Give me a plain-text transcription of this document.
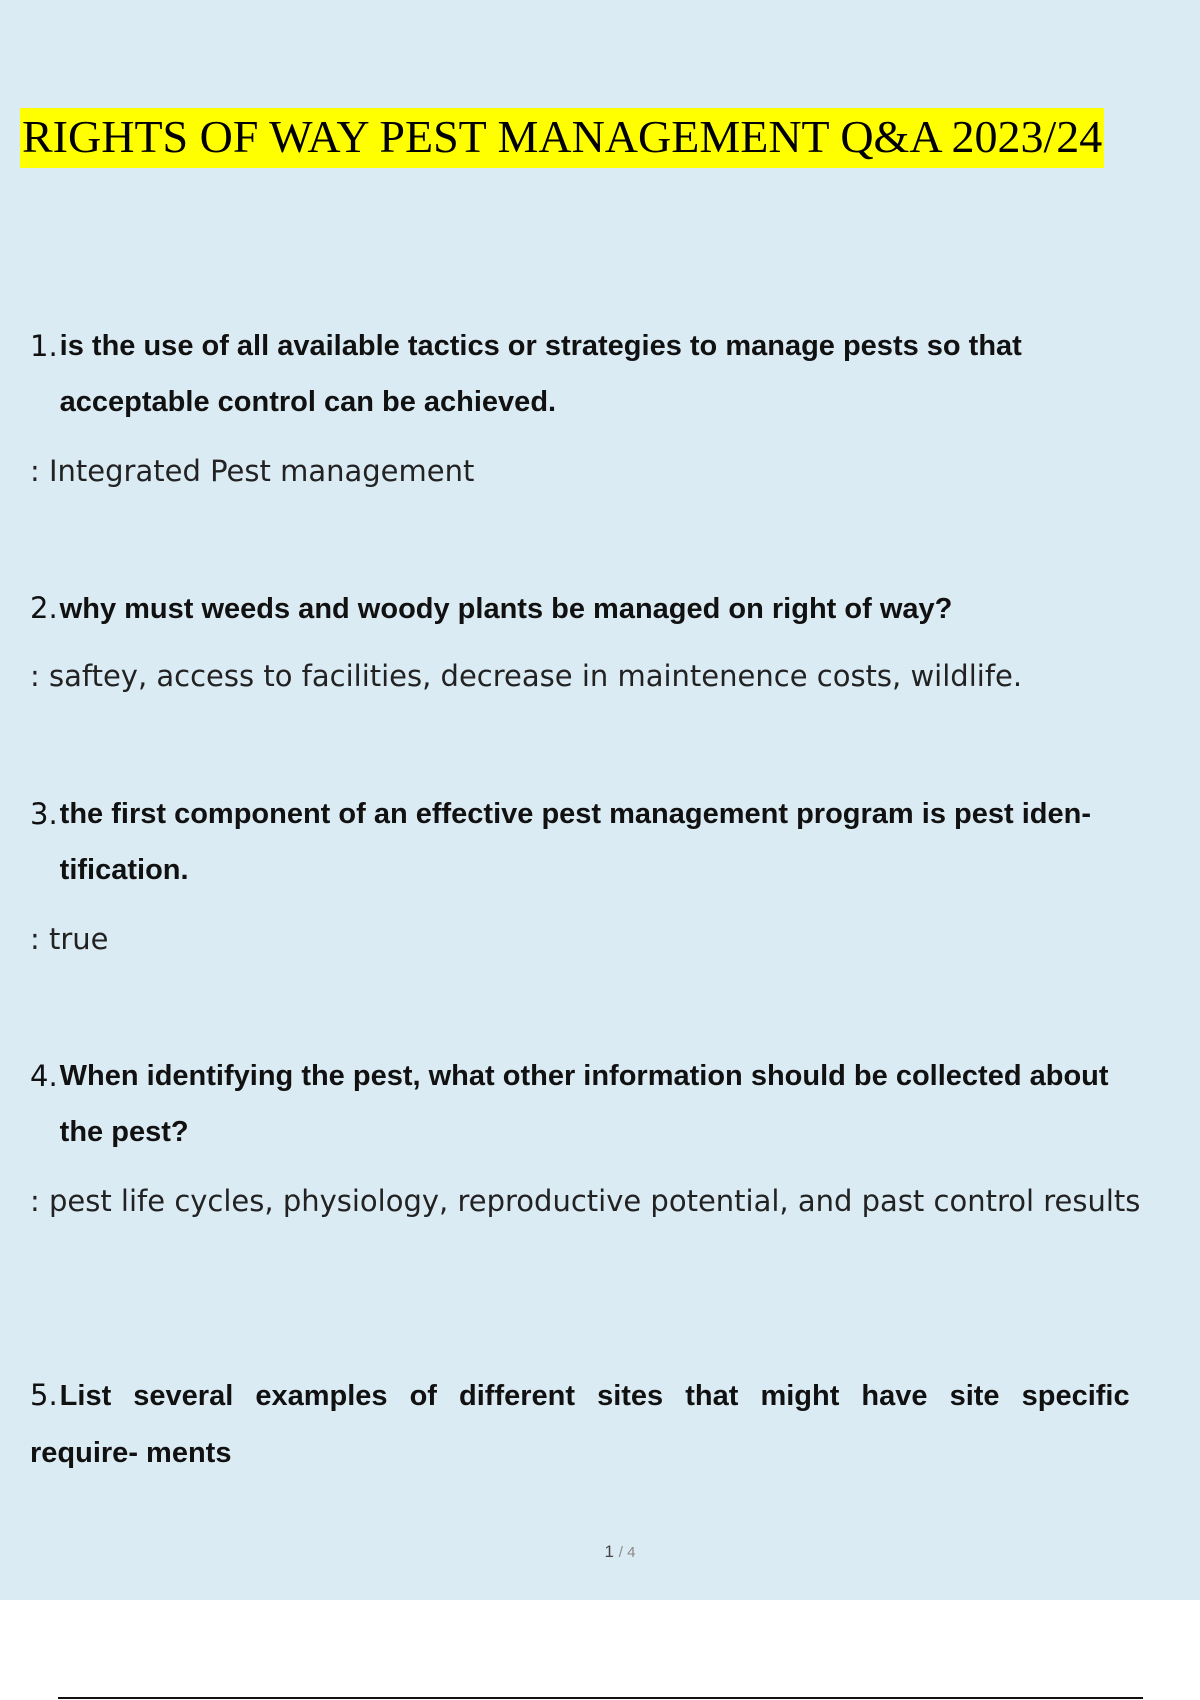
RIGHTS OF WAY PEST MANAGEMENT Q&A 2023/24

1.is the use of all available tactics or strategies to manage pests so that acceptable control can be achieved.

: Integrated Pest management

2.why must weeds and woody plants be managed on right of way?

: saftey, access to facilities, decrease in maintenence costs, wildlife.

3.the first component of an effective pest management program is pest iden- tification.

: true

4.When identifying the pest, what other information should be collected about the pest?

: pest life cycles, physiology, reproductive potential, and past control results

5.List several examples of different sites that might have site specific

require- ments

1 / 4
